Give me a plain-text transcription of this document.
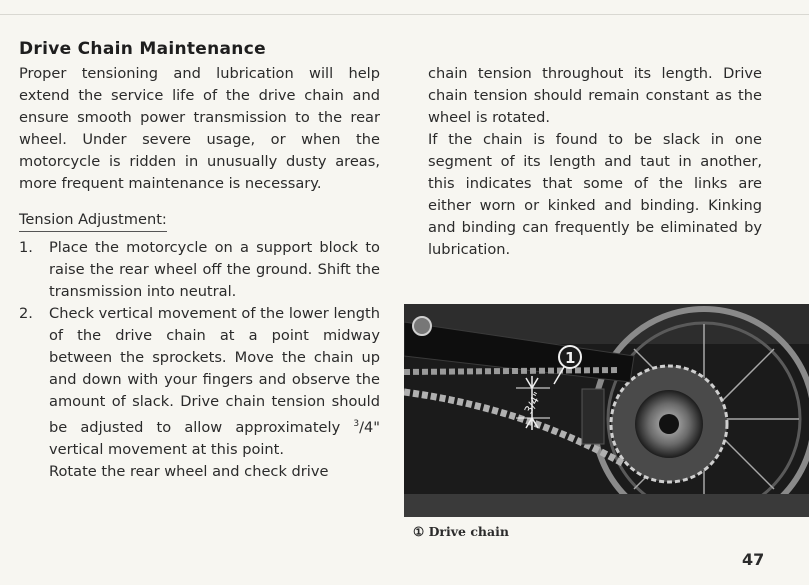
Drive Chain Maintenance
Proper tensioning and lubrication will help extend the service life of the drive chain and ensure smooth power transmission to the rear wheel. Under severe usage, or when the motorcycle is ridden in unusually dusty areas, more frequent maintenance is necessary.
Tension Adjustment:
1. Place the motorcycle on a support block to raise the rear wheel off the ground. Shift the transmission into neutral.
2. Check vertical movement of the lower length of the drive chain at a point midway between the sprockets. Move the chain up and down with your fingers and observe the amount of slack. Drive chain tension should be adjusted to allow approximately $^3$/4" vertical movement at this point.
Rotate the rear wheel and check drive
chain tension throughout its length. Drive chain tension should remain constant as the wheel is rotated.
If the chain is found to be slack in one segment of its length and taut in another, this indicates that some of the links are either worn or kinked and binding. Kinking and binding can frequently be eliminated by lubrication.
3/4"
1
① Drive chain
47
